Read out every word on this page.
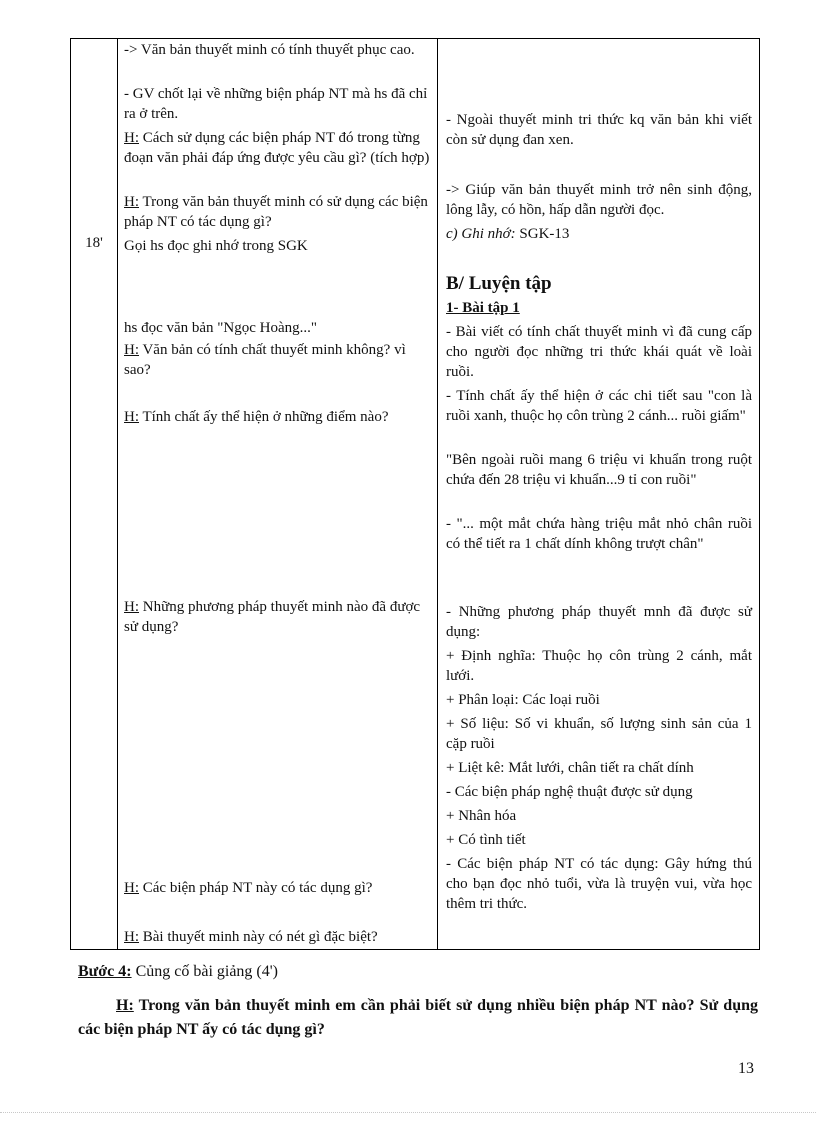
18'

-> Văn bản thuyết minh có tính thuyết phục cao.

- GV chốt lại về những biện pháp NT mà hs đã chỉ ra ở trên.

H: Cách sử dụng các biện pháp NT đó trong từng đoạn văn phải đáp ứng được yêu cầu gì? (tích hợp)

H: Trong văn bản thuyết minh có sử dụng các biện pháp NT có tác dụng gì?

Gọi hs đọc ghi nhớ trong SGK

hs đọc văn bản "Ngọc Hoàng..."

H: Văn bản có tính chất thuyết minh không? vì sao?

H: Tính chất ấy thể hiện ở những điểm nào?

H: Những phương pháp thuyết minh nào đã được sử dụng?

H: Các biện pháp NT này có tác dụng gì?

H: Bài thuyết minh này có nét gì đặc biệt?

- Ngoài thuyết minh tri thức kq văn bản khi viết còn sử dụng đan xen.

-> Giúp văn bản thuyết minh trở nên sinh động, lông lẫy, có hồn, hấp dẫn người đọc.

c) Ghi nhớ: SGK-13

B/ Luyện tập

1- Bài tập 1

- Bài viết có tính chất thuyết minh vì đã cung cấp cho người đọc những tri thức khái quát về loài ruồi.

- Tính chất ấy thể hiện ở các chi tiết sau "con là ruồi xanh, thuộc họ côn trùng 2 cánh... ruồi giấm"

"Bên ngoài ruồi mang 6 triệu vi khuẩn trong ruột chứa đến 28 triệu vi khuẩn...9 tỉ con ruồi"

- "... một mắt chứa hàng triệu mắt nhỏ chân ruồi có thể tiết ra 1 chất dính không trượt chân"

- Những phương pháp thuyết mnh đã được sử dụng:

+ Định nghĩa: Thuộc họ côn trùng 2 cánh, mắt lưới.

+ Phân loại: Các loại ruồi

+ Số liệu: Số vi khuẩn, số lượng sinh sản của 1 cặp ruồi

+ Liệt kê: Mắt lưới, chân tiết ra chất dính

- Các biện pháp nghệ thuật được sử dụng

+ Nhân hóa

+ Có tình tiết

- Các biện pháp NT có tác dụng: Gây hứng thú cho bạn đọc nhỏ tuổi, vừa là truyện vui, vừa học thêm tri thức.

Bước 4: Củng cố bài giảng (4')

H: Trong văn bản thuyết minh em cần phải biết sử dụng nhiều biện pháp NT nào? Sử dụng các biện pháp NT ấy có tác dụng gì?

13
